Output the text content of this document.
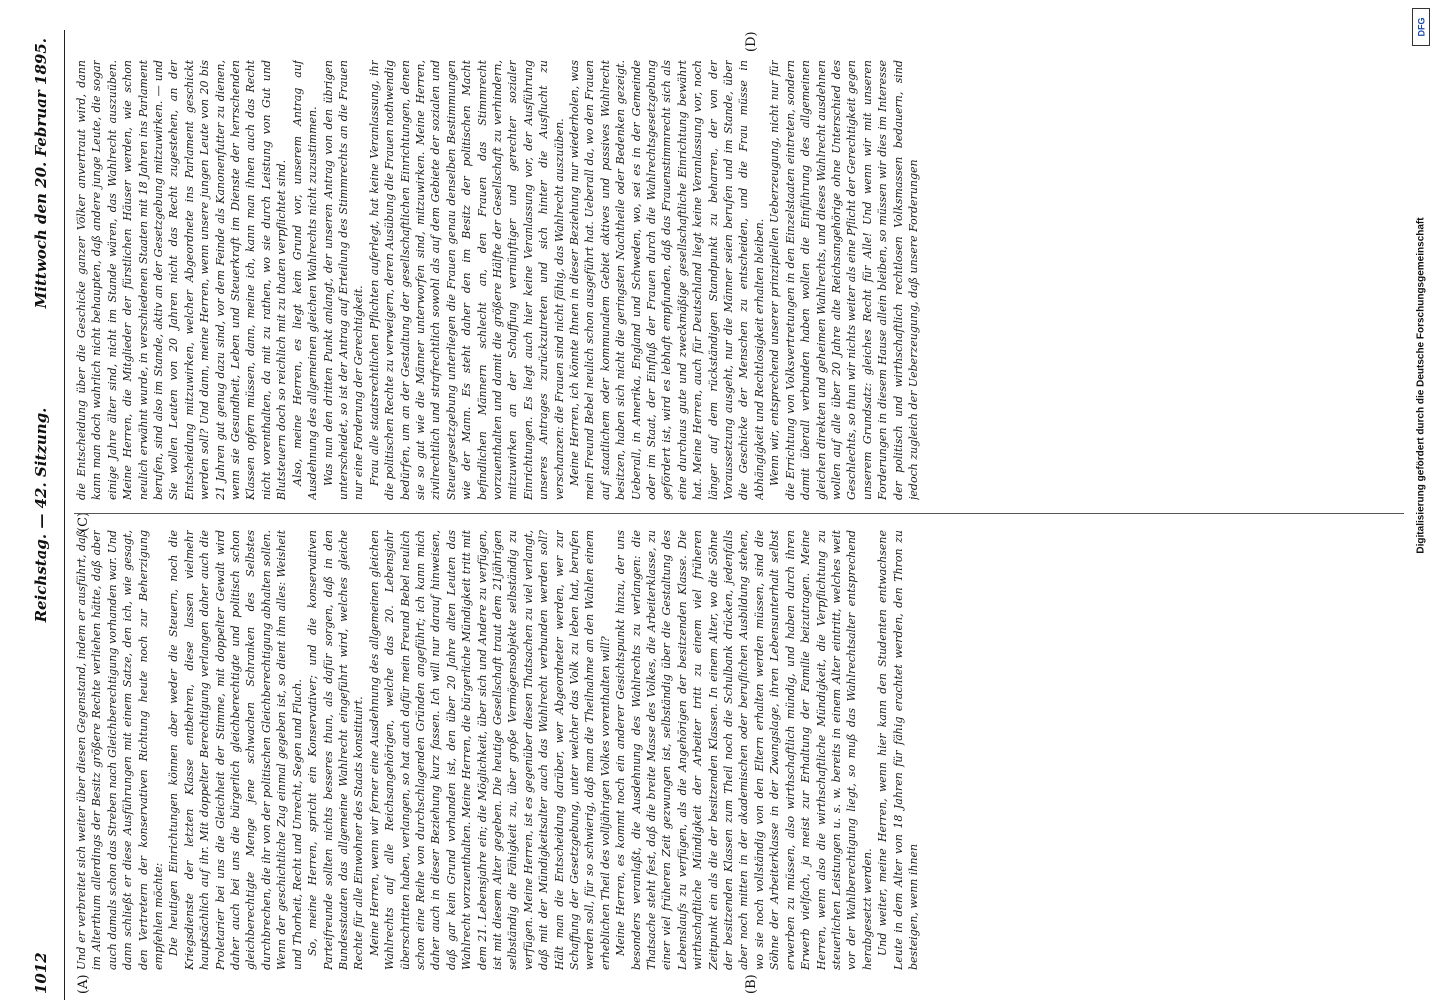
1012
Reichstag. — 42. Sitzung.
Mittwoch den 20. Februar 1895.
(A)
(C)
(B)
(D)

Und er verbreitet sich weiter über diesen Gegenstand, indem er ausführt, daß im Alterthum allerdings der Besitz größere Rechte verliehen hätte, daß aber auch damals schon das Streben nach Gleichberechtigung vorhanden war. Und dann schließt er diese Ausführungen mit einem Satze, den ich, wie gesagt, den Vertretern der konservativen Richtung heute noch zur Beherzigung empfehlen möchte: Die heutigen Einrichtungen können aber weder die Steuern, noch die Kriegsdienste der letzten Klasse entbehren, diese lassen vielmehr hauptsächlich auf ihr. Mit doppelter Berechtigung verlangen daher auch die Proletarier bei uns die Gleichheit der Stimme, mit doppelter Gewalt wird daher auch bei uns die bürgerlich gleichberechtigte und politisch schon gleichberechtigte Menge jene schwachen Schranken des Selbstes durchbrechen, die ihr von der politischen Gleichberechtigung abhalten sollen. Wenn der geschichtliche Zug einmal gegeben ist, so dient ihm alles: Weisheit und Thorheit, Recht und Unrecht, Segen und Fluch. So, meine Herren, spricht ein Konservativer; und die konservativen Parteifreunde sollten nichts besseres thun, als dafür sorgen, daß in den Bundesstaaten das allgemeine Wahlrecht eingeführt wird, welches gleiche Rechte für alle Einwohner des Staats konstituirt. Meine Herren, wenn wir ferner eine Ausdehnung des allgemeinen gleichen Wahlrechts auf alle Reichsangehörigen, welche das 20. Lebensjahr überschritten haben, verlangen, so hat auch dafür mein Freund Bebel neulich schon eine Reihe von durchschlagenden Gründen angeführt; ich kann mich daher auch in dieser Beziehung kurz fassen. Ich will nur darauf hinweisen, daß gar kein Grund vorhanden ist, den über 20 Jahre alten Leuten das Wahlrecht vorzuenthalten. Meine Herren, die bürgerliche Mündigkeit tritt mit dem 21. Lebensjahre ein; die Möglichkeit, über sich und Andere zu verfügen, ist mit diesem Alter gegeben. Die heutige Gesellschaft traut dem 21jährigen selbständig die Fähigkeit zu, über große Vermögensobjekte selbständig zu verfügen. Meine Herren, ist es gegenüber diesen Thatsachen zu viel verlangt, daß mit der Mündigkeitsalter auch das Wahlrecht verbunden werden soll? Hält man die Entscheidung darüber, wer Abgeordneter werden, wer zur Schaffung der Gesetzgebung, unter welcher das Volk zu leben hat, berufen werden soll, für so schwierig, daß man die Theilnahme an den Wahlen einem erheblichen Theil des volljährigen Volkes vorenthalten will? Meine Herren, es kommt noch ein anderer Gesichtspunkt hinzu, der uns besonders veranlaßt, die Ausdehnung des Wahlrechts zu verlangen: die Thatsache steht fest, daß die breite Masse des Volkes, die Arbeiterklasse, zu einer viel früheren Zeit gezwungen ist, selbständig über die Gestaltung des Lebenslaufs zu verfügen, als die Angehörigen der besitzenden Klasse. Die wirthschaftliche Mündigkeit der Arbeiter tritt zu einem viel früheren Zeitpunkt ein als die der besitzenden Klassen. In einem Alter, wo die Söhne der besitzenden Klassen zum Theil noch die Schulbank drücken, jedenfalls aber noch mitten in der akademischen oder beruflichen Ausbildung stehen, wo sie noch vollständig von den Eltern erhalten werden müssen, sind die Söhne der Arbeiterklasse in der Zwangslage, ihren Lebensunterhalt selbst erwerben zu müssen, also wirthschaftlich mündig, und haben durch ihren Erwerb vielfach, ja meist zur Erhaltung der Familie beizutragen. Meine Herren, wenn also die wirthschaftliche Mündigkeit, die Verpflichtung zu steuerlichen Leistungen u. s. w. bereits in einem Alter eintritt, welches weit vor der Wahlberechtigung liegt, so muß das Wahlrechtsalter entsprechend herabgesetzt werden. Und weiter, meine Herren, wenn hier kann den Studenten entwachsene Leute in dem Alter von 18 Jahren für fähig erachtet werden, den Thron zu besteigen, wenn ihnen

die Entscheidung über die Geschicke ganzer Völker anvertraut wird, dann kann man doch wahrlich nicht behaupten, daß andere junge Leute, die sogar einige Jahre älter sind, nicht im Stande wären, das Wahlrecht auszuüben. Meine Herren, die Mitglieder der fürstlichen Häuser werden, wie schon neulich erwähnt wurde, in verschiedenen Staaten mit 18 Jahren ins Parlament berufen, sind also im Stande, aktiv an der Gesetzgebung mitzuwirken. — und Sie wollen Leuten von 20 Jahren nicht das Recht zugestehen, an der Entscheidung mitzuwirken, welcher Abgeordnete ins Parlament geschickt werden soll? Und dann, meine Herren, wenn unsere jungen Leute von 20 bis 21 Jahren gut genug dazu sind, vor dem Feinde als Kanonenfutter zu dienen, wenn sie Gesundheit, Leben und Steuerkraft im Dienste der herrschenden Klassen opfern müssen, dann, meine ich, kann man ihnen auch das Recht nicht vorenthalten, da mit zu rathen, wo sie durch Leistung von Gut und Blutsteuern doch so reichlich mit zu thaten verpflichtet sind. Also, meine Herren, es liegt kein Grund vor, unserem Antrag auf Ausdehnung des allgemeinen gleichen Wahlrechts nicht zuzustimmen. Was nun den dritten Punkt anlangt, der unseren Antrag von den übrigen unterscheidet, so ist der Antrag auf Erteilung des Stimmrechts an die Frauen nur eine Forderung der Gerechtigkeit. Frau alle staatsrechtlichen Pflichten auferlegt, hat keine Veranlassung, ihr die politischen Rechte zu verweigern, deren Ausübung die Frauen nothwendig bedürfen, um an der Gestaltung der gesellschaftlichen Einrichtungen, denen sie so gut wie die Männer unterworfen sind, mitzuwirken. Meine Herren, zivilrechtlich und strafrechtlich sowohl als auf dem Gebiete der sozialen und Steuergesetzgebung unterliegen die Frauen genau denselben Bestimmungen wie der Mann. Es steht daher den im Besitz der politischen Macht befindlichen Männern schlecht an, den Frauen das Stimmrecht vorzuenthalten und damit die größere Hälfte der Gesellschaft zu verhindern, mitzuwirken an der Schaffung vernünftiger und gerechter sozialer Einrichtungen. Es liegt auch hier keine Veranlassung vor, der Ausführung unseres Antrages zurückzutreten und sich hinter die Ausflucht zu verschanzen: die Frauen sind nicht fähig, das Wahlrecht auszuüben. Meine Herren, ich könnte Ihnen in dieser Beziehung nur wiederholen, was mein Freund Bebel neulich schon ausgeführt hat. Ueberall da, wo den Frauen auf staatlichem oder kommunalem Gebiet aktives und passives Wahlrecht besitzen, haben sich nicht die geringsten Nachtheile oder Bedenken gezeigt. Ueberall, in Amerika, England und Schweden, wo, sei es in der Gemeinde oder im Staat, der Einfluß der Frauen durch die Wahlrechtsgesetzgebung gefördert ist, wird es lebhaft empfunden, daß das Frauenstimmrecht sich als eine durchaus gute und zweckmäßige gesellschaftliche Einrichtung bewährt hat. Meine Herren, auch für Deutschland liegt keine Veranlassung vor, noch länger auf dem rückständigen Standpunkt zu beharren, der von der Voraussetzung ausgeht, nur die Männer seien berufen und im Stande, über die Geschicke der Menschen zu entscheiden, und die Frau müsse in Abhängigkeit und Rechtlosigkeit erhalten bleiben. Wenn wir, entsprechend unserer prinzipiellen Ueberzeugung, nicht nur für die Errichtung von Volksvertretungen in den Einzelstaaten eintreten, sondern damit überall verbunden haben wollen die Einführung des allgemeinen gleichen direkten und geheimen Wahlrechts, und dieses Wahlrecht ausdehnen wollen auf alle über 20 Jahre alte Reichsangehörige ohne Unterschied des Geschlechts, so thun wir nichts weiter als eine Pflicht der Gerechtigkeit gegen unserem Grundsatz: gleiches Recht für Alle! Und wenn wir mit unseren Forderungen in diesem Hause allein bleiben, so müssen wir dies im Interesse der politisch und wirthschaftlich rechtlosen Volksmassen bedauern, sind jedoch zugleich der Ueberzeugung, daß unsere Forderungen

DFG
Digitalisierung gefördert durch die Deutsche Forschungsgemeinschaft
